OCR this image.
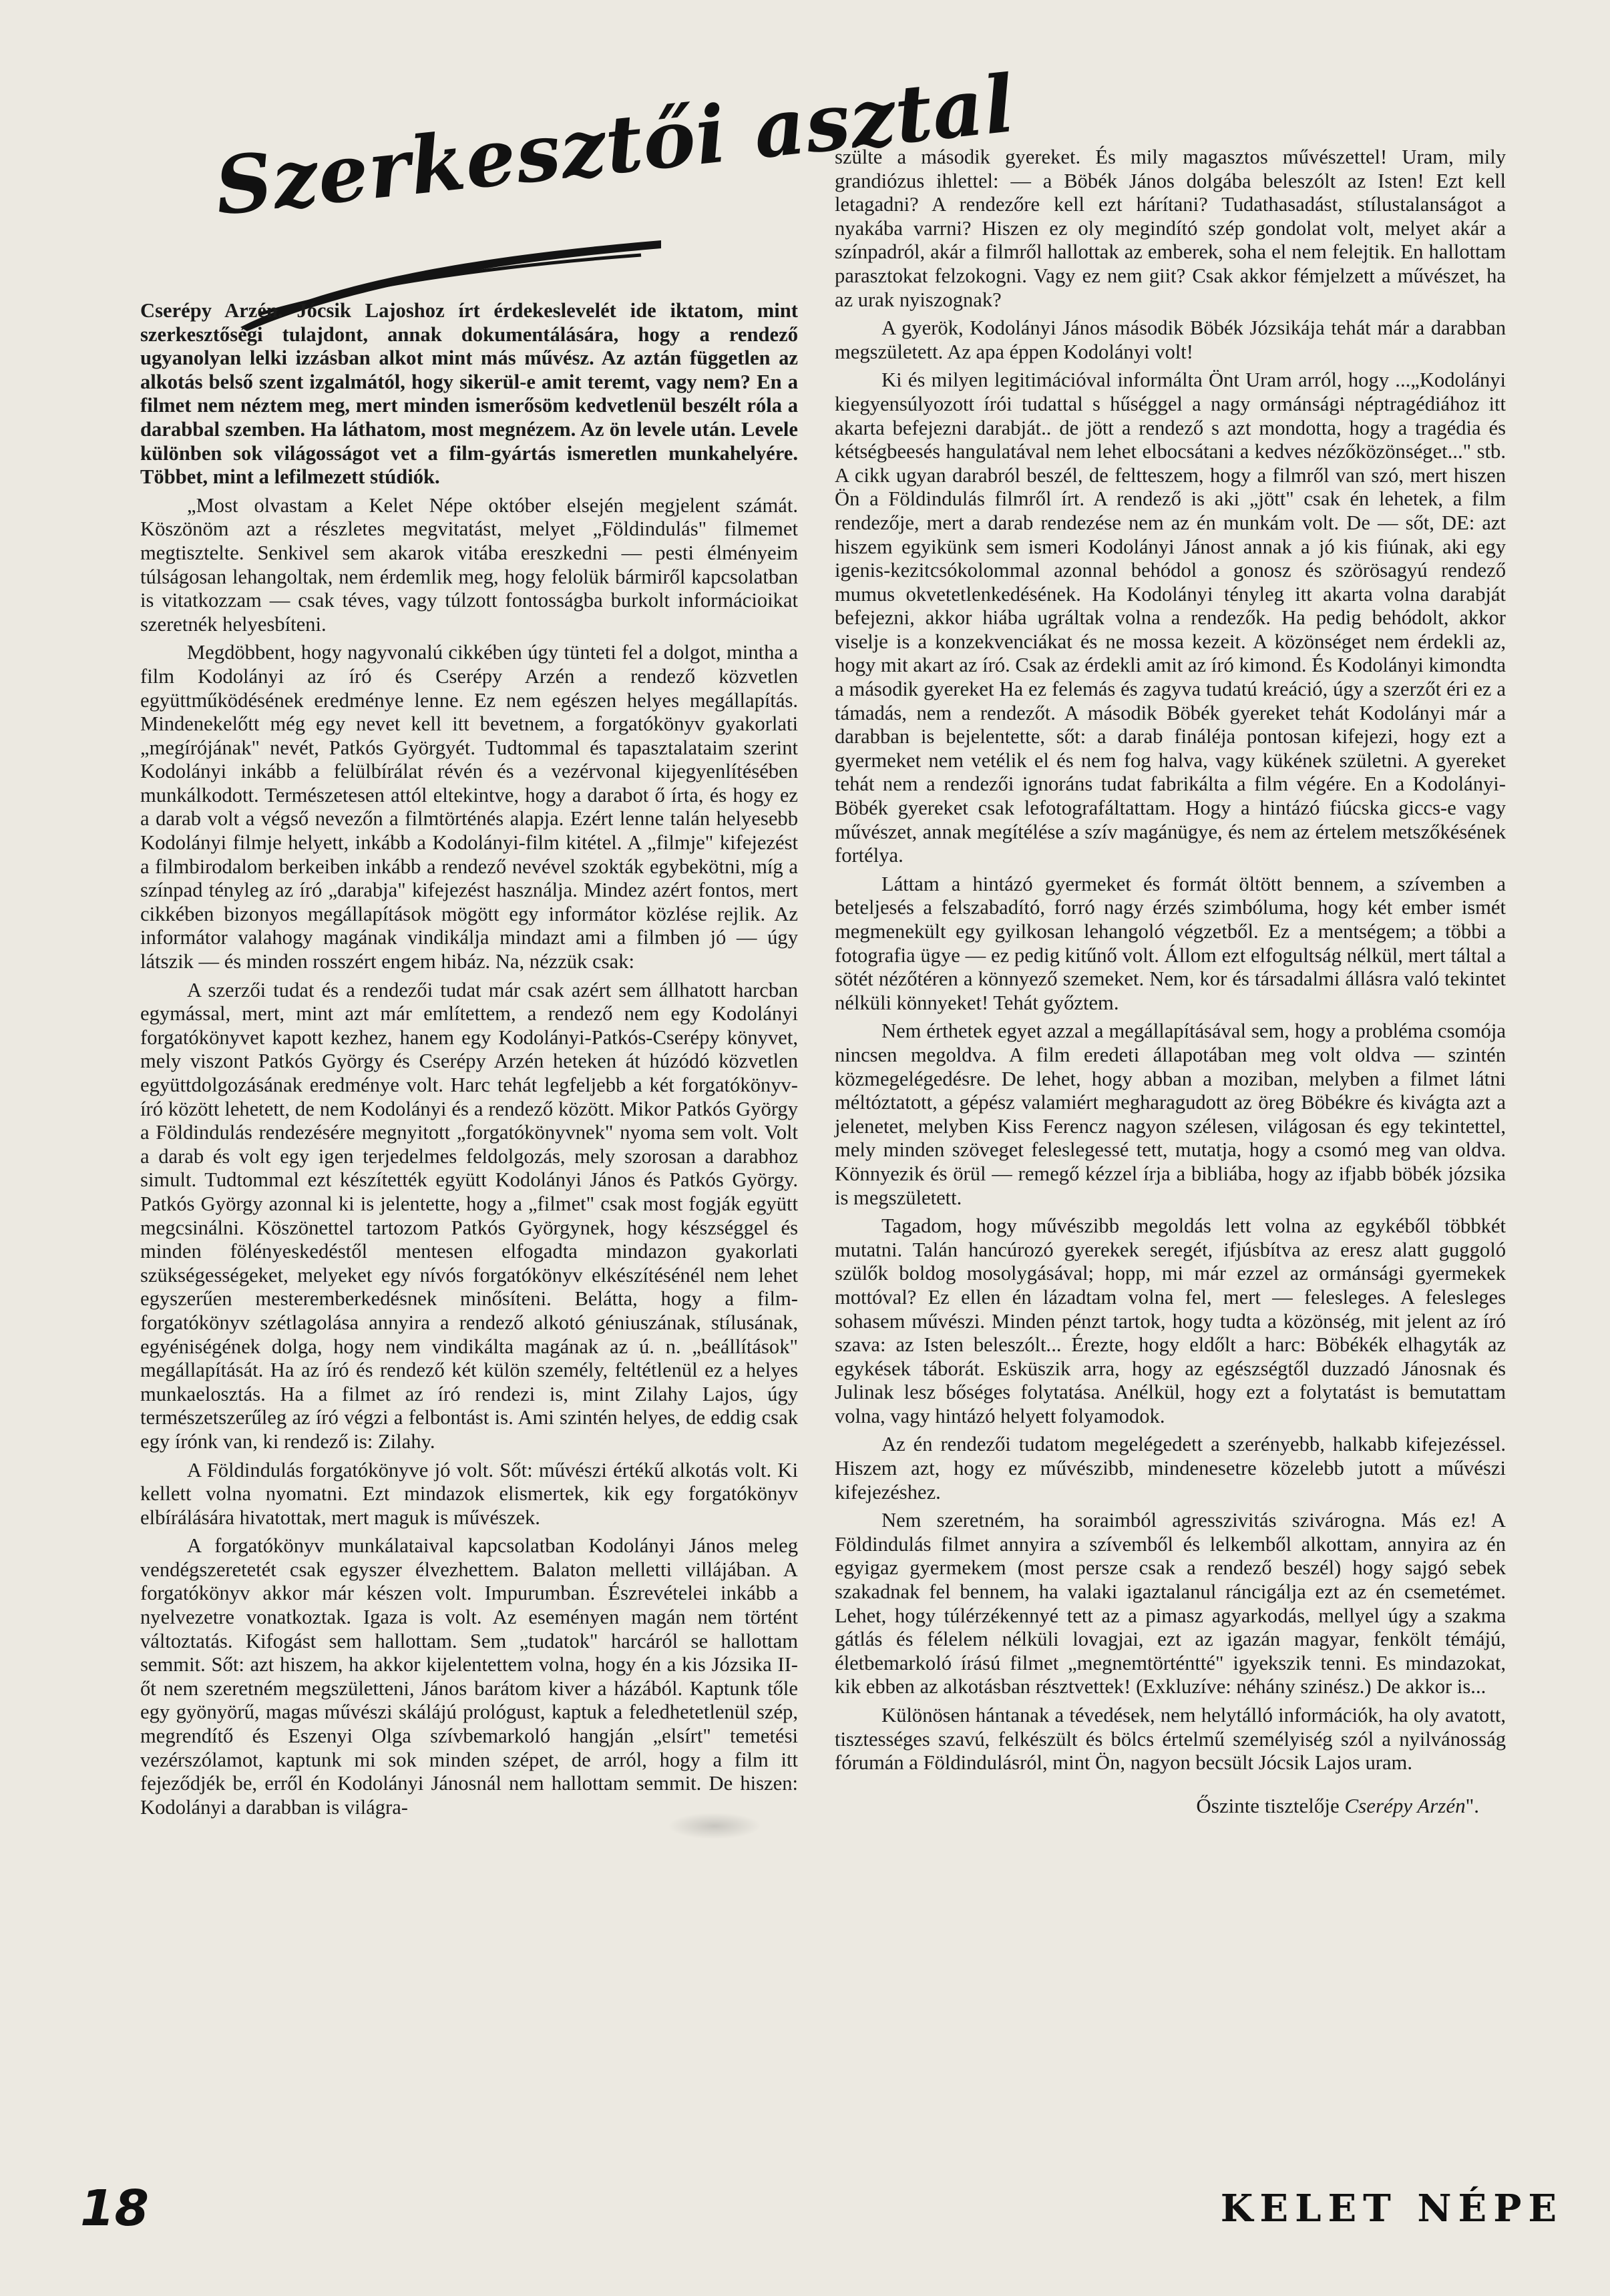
Szerkesztői asztal

Cserépy Arzén. Jócsik Lajoshoz írt érdekeslevelét ide iktatom, mint szerkesztőségi tulajdont, annak dokumentálására, hogy a rendező ugyanolyan lelki izzásban alkot mint más művész. Az aztán független az alkotás belső szent izgalmától, hogy sikerül-e amit teremt, vagy nem? En a filmet nem néztem meg, mert minden ismerősöm kedvetlenül beszélt róla a darabbal szemben. Ha láthatom, most megnézem. Az ön levele után. Levele különben sok világosságot vet a film-gyártás ismeretlen munkahelyére. Többet, mint a lefilmezett stúdiók.

„Most olvastam a Kelet Népe október elsején megjelent számát. Köszönöm azt a részletes megvitatást, melyet „Földindulás" filmemet megtisztelte. Senkivel sem akarok vitába ereszkedni — pesti élményeim túlságosan lehangoltak, nem érdemlik meg, hogy felolük bármiről kapcsolatban is vitatkozzam — csak téves, vagy túlzott fontosságba burkolt informácioikat szeretnék helyesbíteni.

Megdöbbent, hogy nagyvonalú cikkében úgy tünteti fel a dolgot, mintha a film Kodolányi az író és Cserépy Arzén a rendező közvetlen együttműködésének eredménye lenne. Ez nem egészen helyes megállapítás. Mindenekelőtt még egy nevet kell itt bevetnem, a forgatókönyv gyakorlati „megírójának" nevét, Patkós Györgyét. Tudtommal és tapasztalataim szerint Kodolányi inkább a felülbírálat révén és a vezérvonal kijegyenlítésében munkálkodott. Természetesen attól eltekintve, hogy a darabot ő írta, és hogy ez a darab volt a végső nevezőn a filmtörténés alapja. Ezért lenne talán helyesebb Kodolányi filmje helyett, inkább a Kodolányi-film kitétel. A „filmje" kifejezést a filmbirodalom berkeiben inkább a rendező nevével szokták egybekötni, míg a színpad tényleg az író „darabja" kifejezést használja. Mindez azért fontos, mert cikkében bizonyos megállapítások mögött egy informátor közlése rejlik. Az informátor valahogy magának vindikálja mindazt ami a filmben jó — úgy látszik — és minden rosszért engem hibáz. Na, nézzük csak:

A szerzői tudat és a rendezői tudat már csak azért sem állhatott harcban egymással, mert, mint azt már említettem, a rendező nem egy Kodolányi forgatókönyvet kapott kezhez, hanem egy Kodolányi-Patkós-Cserépy könyvet, mely viszont Patkós György és Cserépy Arzén heteken át húzódó közvetlen együttdolgozásának eredménye volt. Harc tehát legfeljebb a két forgatókönyv-író között lehetett, de nem Kodolányi és a rendező között. Mikor Patkós György a Földindulás rendezésére megnyitott „forgatókönyvnek" nyoma sem volt. Volt a darab és volt egy igen terjedelmes feldolgozás, mely szorosan a darabhoz simult. Tudtommal ezt készítették együtt Kodolányi János és Patkós György. Patkós György azonnal ki is jelentette, hogy a „filmet" csak most fogják együtt megcsinálni. Köszönettel tartozom Patkós Györgynek, hogy készséggel és minden fölényeskedéstől mentesen elfogadta mindazon gyakorlati szükségességeket, melyeket egy nívós forgatókönyv elkészítésénél nem lehet egyszerűen mesteremberkedésnek minősíteni. Belátta, hogy a film-forgatókönyv szétlagolása annyira a rendező alkotó géniuszának, stílusának, egyéniségének dolga, hogy nem vindikálta magának az ú. n. „beállítások" megállapítását. Ha az író és rendező két külön személy, feltétlenül ez a helyes munkaelosztás. Ha a filmet az író rendezi is, mint Zilahy Lajos, úgy természetszerűleg az író végzi a felbontást is. Ami szintén helyes, de eddig csak egy írónk van, ki rendező is: Zilahy.

A Földindulás forgatókönyve jó volt. Sőt: művészi értékű alkotás volt. Ki kellett volna nyomatni. Ezt mindazok elismertek, kik egy forgatókönyv elbírálására hivatottak, mert maguk is művészek.

A forgatókönyv munkálataival kapcsolatban Kodolányi János meleg vendégszeretetét csak egyszer élvezhettem. Balaton melletti villájában. A forgatókönyv akkor már készen volt. Impurumban. Észrevételei inkább a nyelvezetre vonatkoztak. Igaza is volt. Az eseményen magán nem történt változtatás. Kifogást sem hallottam. Sem „tudatok" harcáról se hallottam semmit. Sőt: azt hiszem, ha akkor kijelentettem volna, hogy én a kis Józsika II-őt nem szeretném megszületteni, János barátom kiver a házából. Kaptunk tőle egy gyönyörű, magas művészi skálájú prológust, kaptuk a feledhetetlenül szép, megrendítő és Eszenyi Olga szívbemarkoló hangján „elsírt" temetési vezérszólamot, kaptunk mi sok minden szépet, de arról, hogy a film itt fejeződjék be, erről én Kodolányi Jánosnál nem hallottam semmit. De hiszen: Kodolányi a darabban is világra-

szülte a második gyereket. És mily magasztos művészettel! Uram, mily grandiózus ihlettel: — a Böbék János dolgába beleszólt az Isten! Ezt kell letagadni? A rendezőre kell ezt hárítani? Tudathasadást, stílustalanságot a nyakába varrni? Hiszen ez oly megindító szép gondolat volt, melyet akár a színpadról, akár a filmről hallottak az emberek, soha el nem felejtik. En hallottam parasztokat felzokogni. Vagy ez nem giit? Csak akkor fémjelzett a művészet, ha az urak nyiszognak?

A gyerök, Kodolányi János második Böbék Józsikája tehát már a darabban megszületett. Az apa éppen Kodolányi volt!

Ki és milyen legitimációval informálta Önt Uram arról, hogy ...„Kodolányi kiegyensúlyozott írói tudattal s hűséggel a nagy ormánsági néptragédiához itt akarta befejezni darabját.. de jött a rendező s azt mondotta, hogy a tragédia és kétségbeesés hangulatával nem lehet elbocsátani a kedves nézőközönséget..." stb. A cikk ugyan darabról beszél, de feltteszem, hogy a filmről van szó, mert hiszen Ön a Földindulás filmről írt. A rendező is aki „jött" csak én lehetek, a film rendezője, mert a darab rendezése nem az én munkám volt. De — sőt, DE: azt hiszem egyikünk sem ismeri Kodolányi Jánost annak a jó kis fiúnak, aki egy igenis-kezitcsókolommal azonnal behódol a gonosz és szörösagyú rendező mumus okvetetlenkedésének. Ha Kodolányi tényleg itt akarta volna darabját befejezni, akkor hiába ugráltak volna a rendezők. Ha pedig behódolt, akkor viselje is a konzekvenciákat és ne mossa kezeit. A közönséget nem érdekli az, hogy mit akart az író. Csak az érdekli amit az író kimond. És Kodolányi kimondta a második gyereket Ha ez felemás és zagyva tudatú kreáció, úgy a szerzőt éri ez a támadás, nem a rendezőt. A második Böbék gyereket tehát Kodolányi már a darabban is bejelentette, sőt: a darab fináléja pontosan kifejezi, hogy ezt a gyermeket nem vetélik el és nem fog halva, vagy kükének születni. A gyereket tehát nem a rendezői ignoráns tudat fabrikálta a film végére. En a Kodolányi-Böbék gyereket csak lefotografáltattam. Hogy a hintázó fiúcska giccs-e vagy művészet, annak megítélése a szív magánügye, és nem az értelem metszőkésének fortélya.

Láttam a hintázó gyermeket és formát öltött bennem, a szívemben a beteljesés a felszabadító, forró nagy érzés szimbóluma, hogy két ember ismét megmenekült egy gyilkosan lehangoló végzetből. Ez a mentségem; a többi a fotografia ügye — ez pedig kitűnő volt. Állom ezt elfogultság nélkül, mert táltal a sötét nézőtéren a könnyező szemeket. Nem, kor és társadalmi állásra való tekintet nélküli könnyeket! Tehát győztem.

Nem érthetek egyet azzal a megállapításával sem, hogy a probléma csomója nincsen megoldva. A film eredeti állapotában meg volt oldva — szintén közmegelégedésre. De lehet, hogy abban a moziban, melyben a filmet látni méltóztatott, a gépész valamiért megharagudott az öreg Böbékre és kivágta azt a jelenetet, melyben Kiss Ferencz nagyon szélesen, világosan és egy tekintettel, mely minden szöveget feleslegessé tett, mutatja, hogy a csomó meg van oldva. Könnyezik és örül — remegő kézzel írja a bibliába, hogy az ifjabb böbék józsika is megszületett.

Tagadom, hogy művészibb megoldás lett volna az egykéből többkét mutatni. Talán hancúrozó gyerekek seregét, ifjúsbítva az eresz alatt guggoló szülők boldog mosolygásával; hopp, mi már ezzel az ormánsági gyermekek mottóval? Ez ellen én lázadtam volna fel, mert — felesleges. A felesleges sohasem művészi. Minden pénzt tartok, hogy tudta a közönség, mit jelent az író szava: az Isten beleszólt... Érezte, hogy eldőlt a harc: Böbékék elhagyták az egykések táborát. Esküszik arra, hogy az egészségtől duzzadó Jánosnak és Julinak lesz bőséges folytatása. Anélkül, hogy ezt a folytatást is bemutattam volna, vagy hintázó helyett folyamodok.

Az én rendezői tudatom megelégedett a szerényebb, halkabb kifejezéssel. Hiszem azt, hogy ez művészibb, mindenesetre közelebb jutott a művészi kifejezéshez.

Nem szeretném, ha soraimból agresszivitás szivárogna. Más ez! A Földindulás filmet annyira a szívemből és lelkemből alkottam, annyira az én egyigaz gyermekem (most persze csak a rendező beszél) hogy sajgó sebek szakadnak fel bennem, ha valaki igaztalanul ráncigálja ezt az én csemetémet. Lehet, hogy túlérzékennyé tett az a pimasz agyarkodás, mellyel úgy a szakma gátlás és félelem nélküli lovagjai, ezt az igazán magyar, fenkölt témájú, életbemarkoló írású filmet „megnemtörténtté" igyekszik tenni. Es mindazokat, kik ebben az alkotásban résztvettek! (Exkluzíve: néhány szinész.) De akkor is...

Különösen hántanak a tévedések, nem helytálló információk, ha oly avatott, tisztességes szavú, felkészült és bölcs értelmű személyiség szól a nyilvánosság fórumán a Földindulásról, mint Ön, nagyon becsült Jócsik Lajos uram.

Őszinte tisztelője Cserépy Arzén".

18	KELET NÉPE
